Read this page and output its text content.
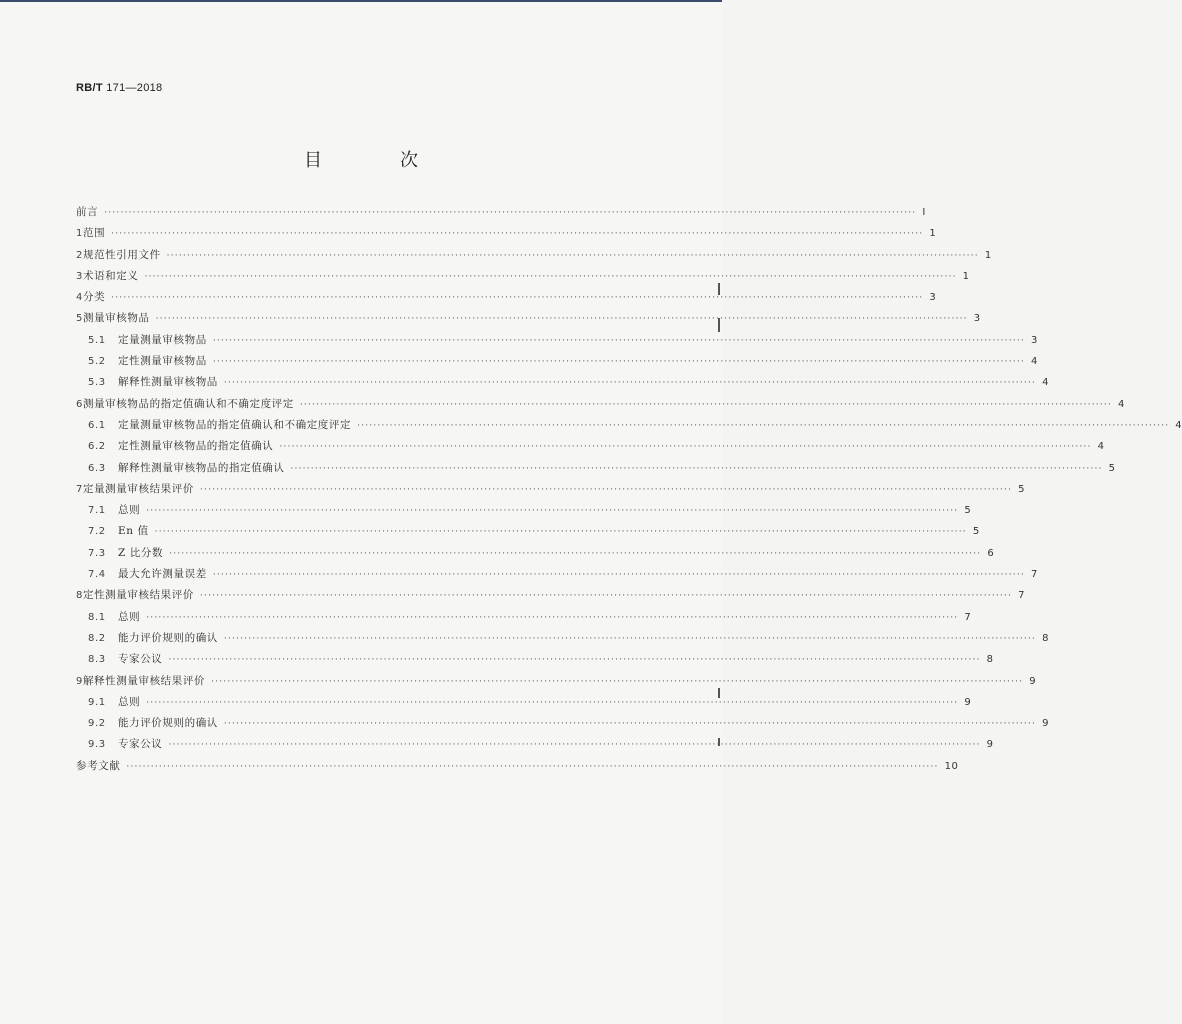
RB/T 171—2018
目　次
前言 ········································································································································································································ Ⅰ
1 范围 ········································································································································································································ 1
2 规范性引用文件 ········································································································································································································ 1
3 术语和定义 ········································································································································································································ 1
4 分类 ········································································································································································································ 3
5 测量审核物品 ········································································································································································································ 3
5.1	定量测量审核物品 ········································································································································································································ 3
5.2	定性测量审核物品 ········································································································································································································ 4
5.3	解释性测量审核物品 ········································································································································································································ 4
6 测量审核物品的指定值确认和不确定度评定 ········································································································································································································ 4
6.1	定量测量审核物品的指定值确认和不确定度评定 ········································································································································································································ 4
6.2	定性测量审核物品的指定值确认 ········································································································································································································ 4
6.3	解释性测量审核物品的指定值确认 ········································································································································································································ 5
7 定量测量审核结果评价 ········································································································································································································ 5
7.1	总则 ········································································································································································································ 5
7.2	En 值 ········································································································································································································ 5
7.3	Z 比分数 ········································································································································································································ 6
7.4	最大允许测量误差 ········································································································································································································ 7
8 定性测量审核结果评价 ········································································································································································································ 7
8.1	总则 ········································································································································································································ 7
8.2	能力评价规则的确认 ········································································································································································································ 8
8.3	专家公议 ········································································································································································································ 8
9 解释性测量审核结果评价 ········································································································································································································ 9
9.1	总则 ········································································································································································································ 9
9.2	能力评价规则的确认 ········································································································································································································ 9
9.3	专家公议 ········································································································································································································ 9
参考文献 ········································································································································································································ 10
